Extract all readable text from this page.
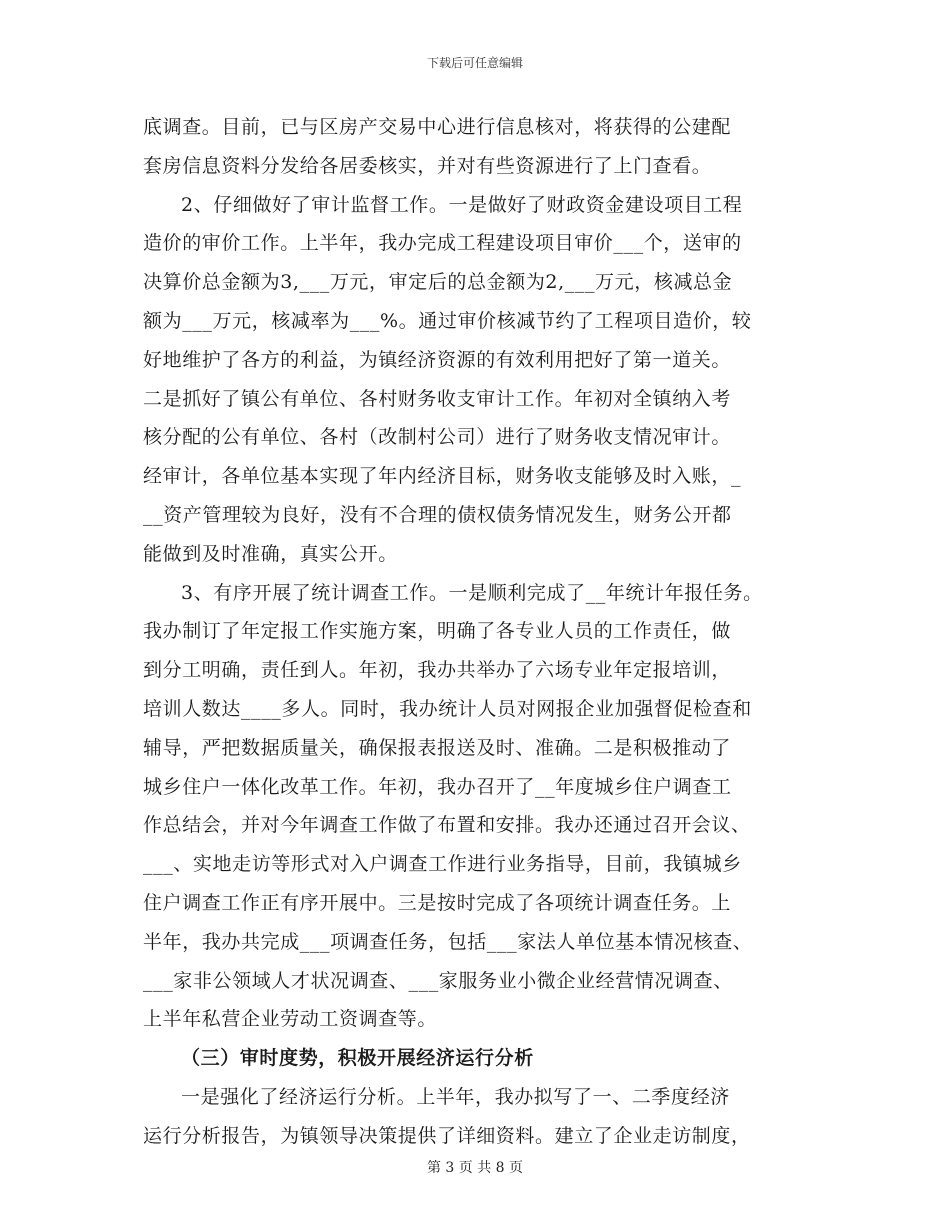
下载后可任意编辑
底调查。目前，已与区房产交易中心进行信息核对，将获得的公建配
套房信息资料分发给各居委核实，并对有些资源进行了上门查看。
2、仔细做好了审计监督工作。一是做好了财政资金建设项目工程
造价的审价工作。上半年，我办完成工程建设项目审价___个，送审的
决算价总金额为3,___万元，审定后的总金额为2,___万元，核减总金
额为___万元，核减率为___%。通过审价核减节约了工程项目造价，较
好地维护了各方的利益，为镇经济资源的有效利用把好了第一道关。
二是抓好了镇公有单位、各村财务收支审计工作。年初对全镇纳入考
核分配的公有单位、各村（改制村公司）进行了财务收支情况审计。
经审计，各单位基本实现了年内经济目标，财务收支能够及时入账，_
__资产管理较为良好，没有不合理的债权债务情况发生，财务公开都
能做到及时准确，真实公开。
3、有序开展了统计调查工作。一是顺利完成了__年统计年报任务。
我办制订了年定报工作实施方案，明确了各专业人员的工作责任，做
到分工明确，责任到人。年初，我办共举办了六场专业年定报培训，
培训人数达____多人。同时，我办统计人员对网报企业加强督促检查和
辅导，严把数据质量关，确保报表报送及时、准确。二是积极推动了
城乡住户一体化改革工作。年初，我办召开了__年度城乡住户调查工
作总结会，并对今年调查工作做了布置和安排。我办还通过召开会议、
___、实地走访等形式对入户调查工作进行业务指导，目前，我镇城乡
住户调查工作正有序开展中。三是按时完成了各项统计调查任务。上
半年，我办共完成___项调查任务，包括___家法人单位基本情况核查、
___家非公领域人才状况调查、___家服务业小微企业经营情况调查、
上半年私营企业劳动工资调查等。
（三）审时度势，积极开展经济运行分析
一是强化了经济运行分析。上半年，我办拟写了一、二季度经济
运行分析报告，为镇领导决策提供了详细资料。建立了企业走访制度，
第 3 页 共 8 页
